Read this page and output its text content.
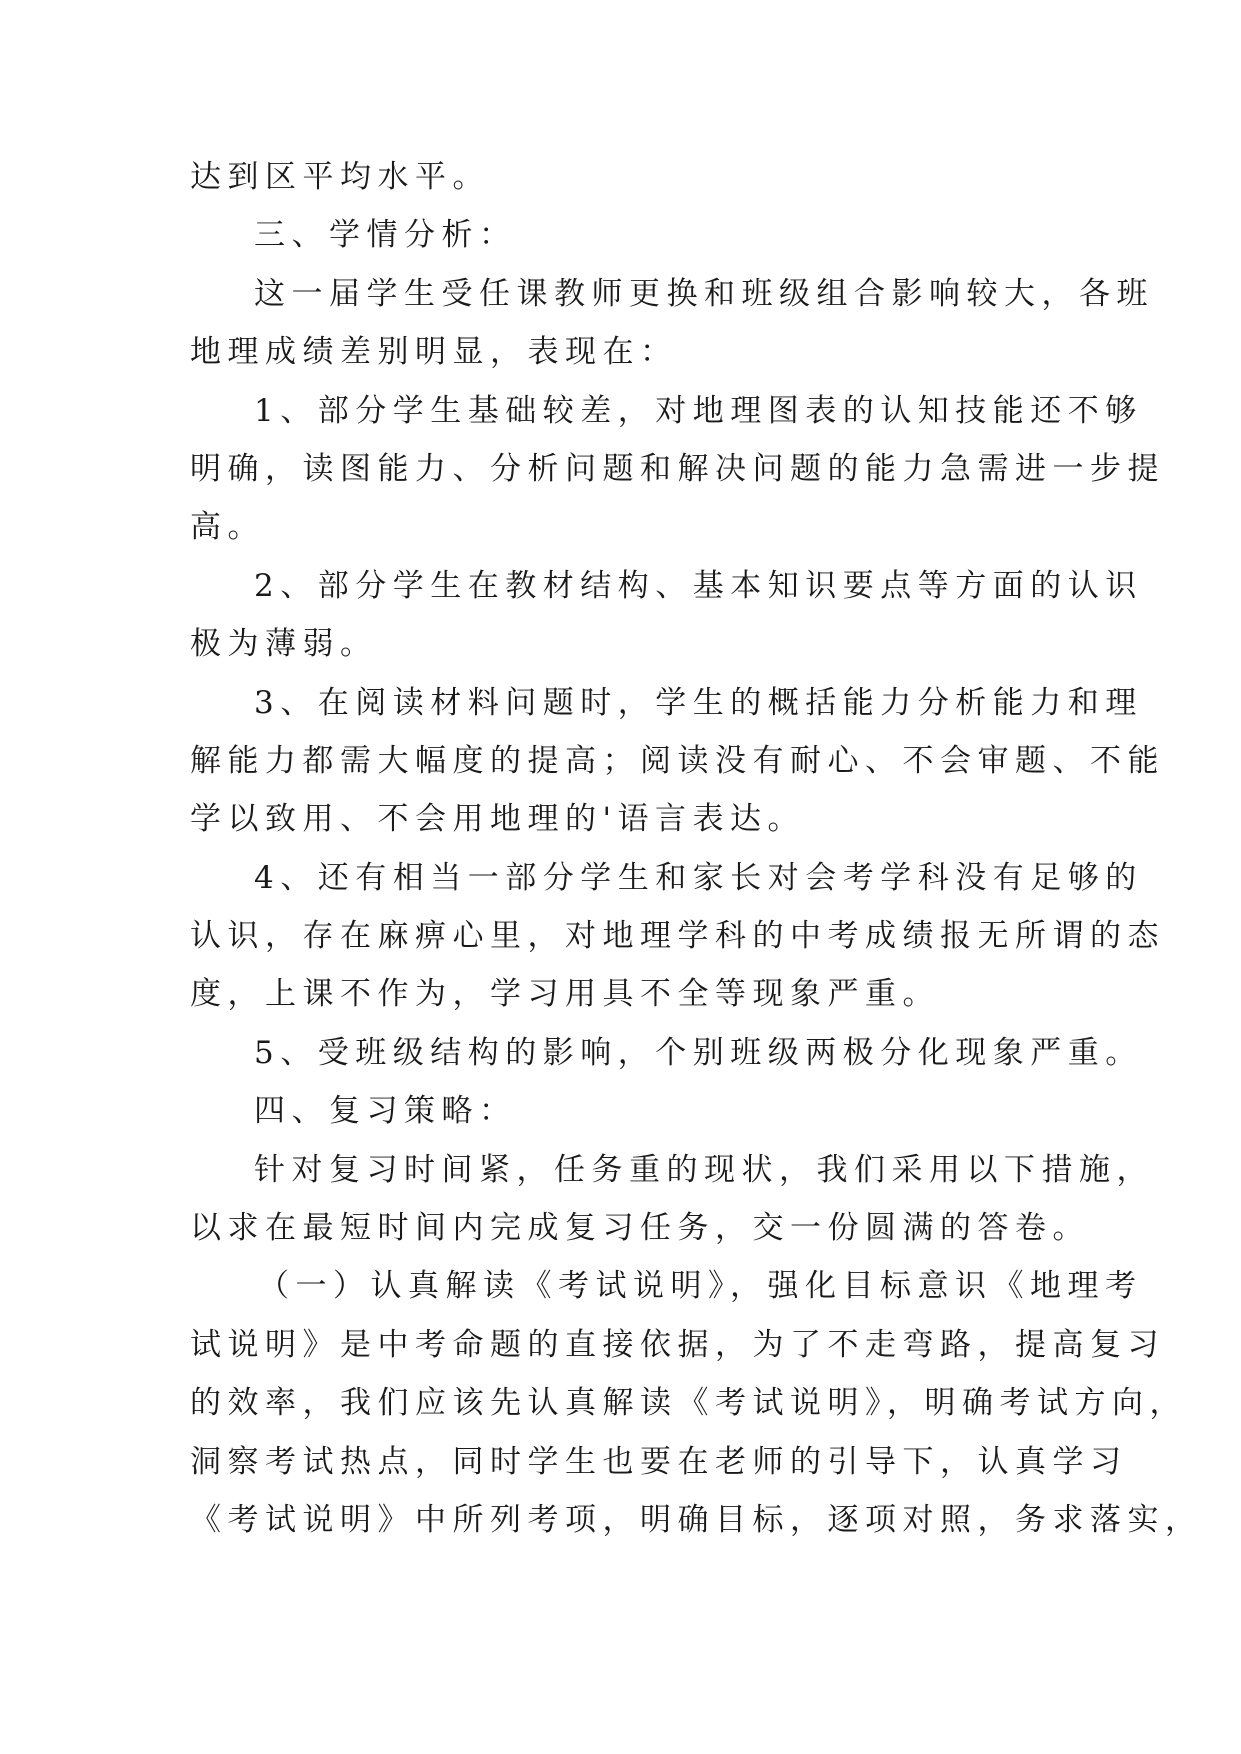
达到区平均水平。
三、学情分析：
这一届学生受任课教师更换和班级组合影响较大，各班
地理成绩差别明显，表现在：
1、部分学生基础较差，对地理图表的认知技能还不够
明确，读图能力、分析问题和解决问题的能力急需进一步提
高。
2、部分学生在教材结构、基本知识要点等方面的认识
极为薄弱。
3、在阅读材料问题时，学生的概括能力分析能力和理
解能力都需大幅度的提高；阅读没有耐心、不会审题、不能
学以致用、不会用地理的'语言表达。
4、还有相当一部分学生和家长对会考学科没有足够的
认识，存在麻痹心里，对地理学科的中考成绩报无所谓的态
度，上课不作为，学习用具不全等现象严重。
5、受班级结构的影响，个别班级两极分化现象严重。
四、复习策略：
针对复习时间紧，任务重的现状，我们采用以下措施，
以求在最短时间内完成复习任务，交一份圆满的答卷。
（一）认真解读《考试说明》，强化目标意识《地理考
试说明》是中考命题的直接依据，为了不走弯路，提高复习
的效率，我们应该先认真解读《考试说明》，明确考试方向，
洞察考试热点，同时学生也要在老师的引导下，认真学习
《考试说明》中所列考项，明确目标，逐项对照，务求落实，
